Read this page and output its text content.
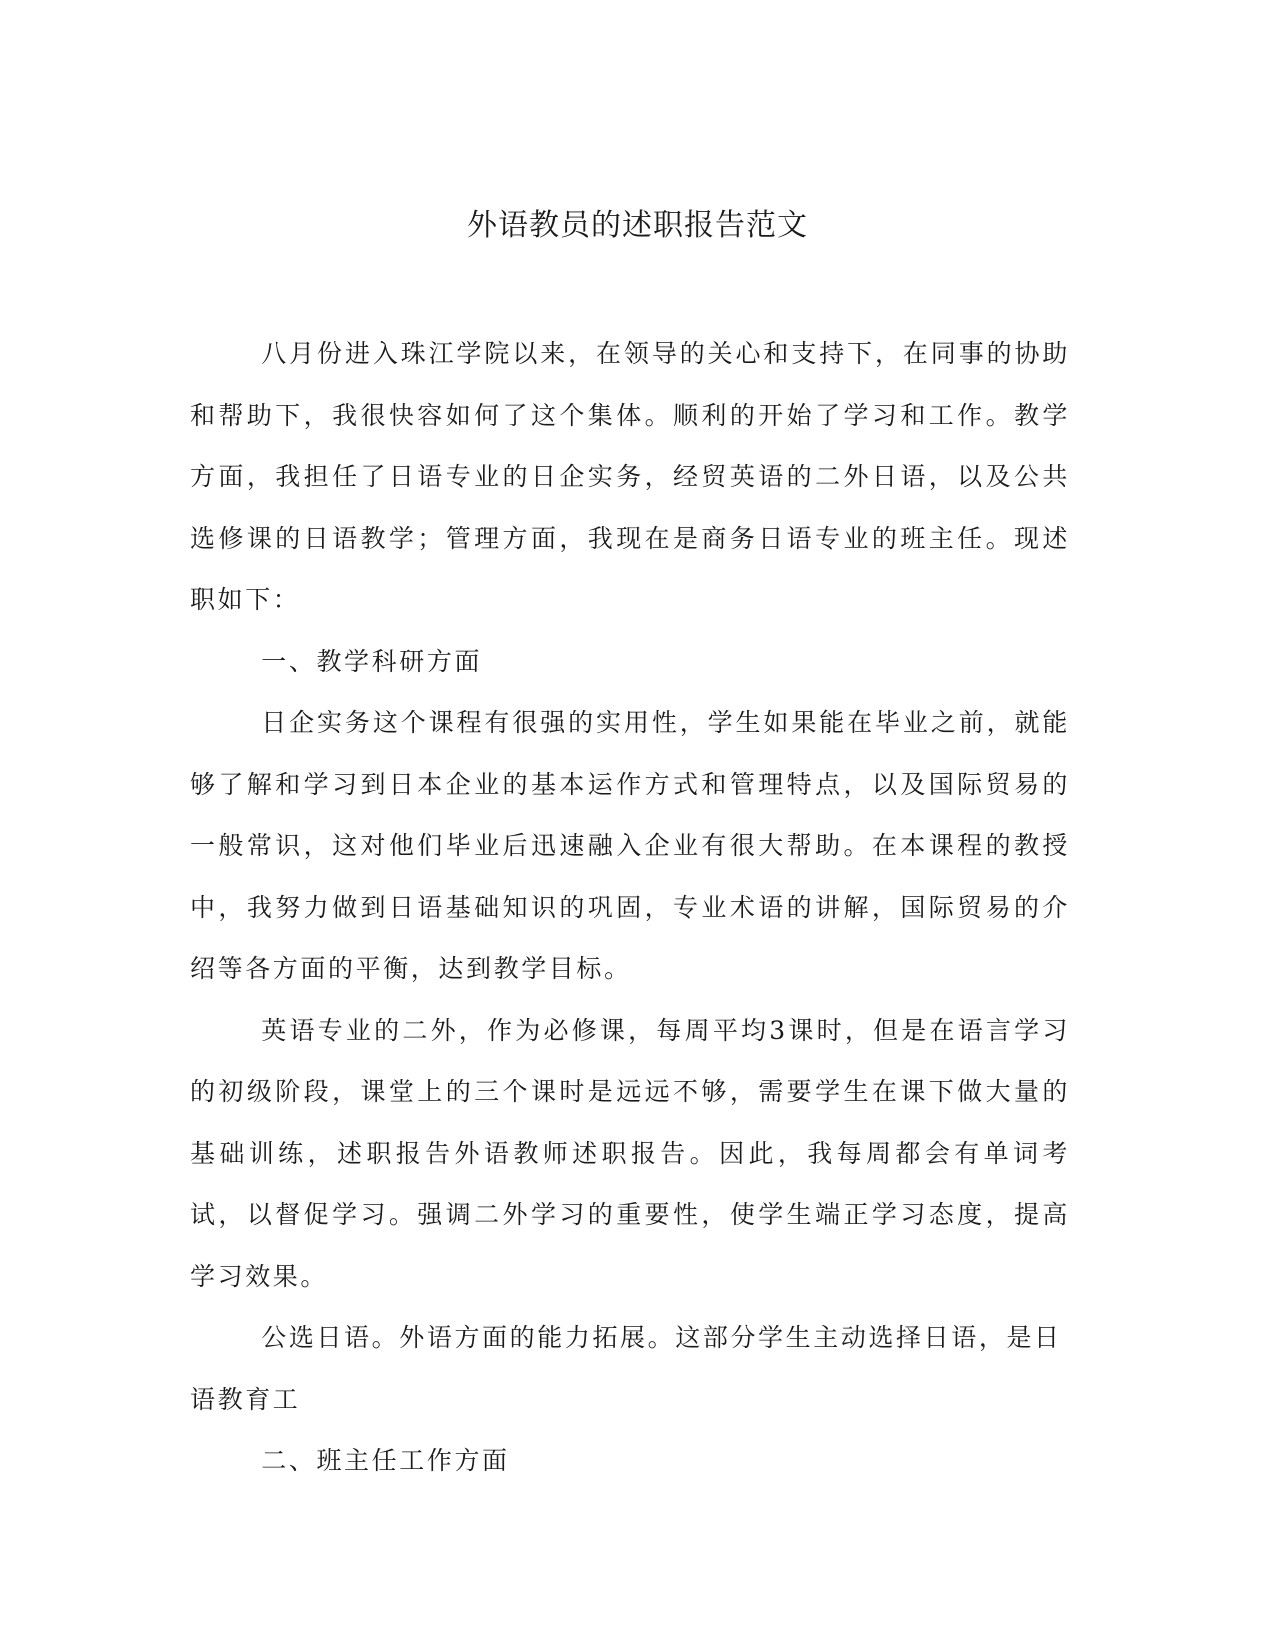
外语教员的述职报告范文

八月份进入珠江学院以来，在领导的关心和支持下，在同事的协助和帮助下，我很快容如何了这个集体。顺利的开始了学习和工作。教学方面，我担任了日语专业的日企实务，经贸英语的二外日语，以及公共选修课的日语教学；管理方面，我现在是商务日语专业的班主任。现述职如下：

一、教学科研方面

日企实务这个课程有很强的实用性，学生如果能在毕业之前，就能够了解和学习到日本企业的基本运作方式和管理特点，以及国际贸易的一般常识，这对他们毕业后迅速融入企业有很大帮助。在本课程的教授中，我努力做到日语基础知识的巩固，专业术语的讲解，国际贸易的介绍等各方面的平衡，达到教学目标。

英语专业的二外，作为必修课，每周平均3课时，但是在语言学习的初级阶段，课堂上的三个课时是远远不够，需要学生在课下做大量的基础训练，述职报告外语教师述职报告。因此，我每周都会有单词考试，以督促学习。强调二外学习的重要性，使学生端正学习态度，提高学习效果。

公选日语。外语方面的能力拓展。这部分学生主动选择日语，是日语教育工

二、班主任工作方面
